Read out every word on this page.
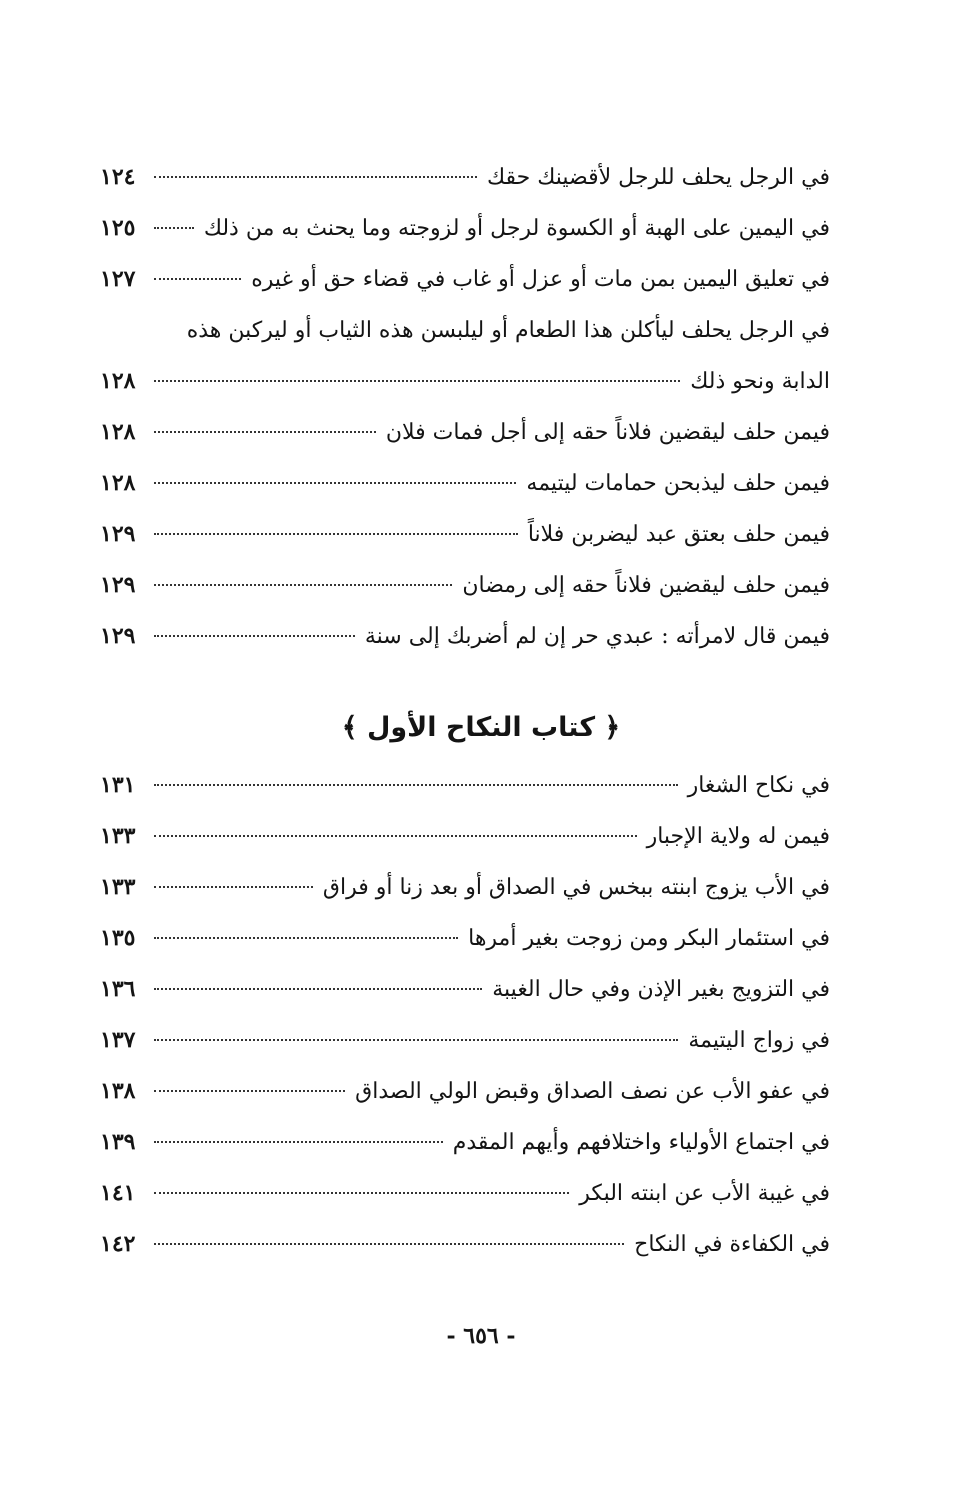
في الرجل يحلف للرجل لأقضينك حقك
١٢٤
في اليمين على الهبة أو الكسوة لرجل أو لزوجته وما يحنث به من ذلك
١٢٥
في تعليق اليمين بمن مات أو عزل أو غاب في قضاء حق أو غيره
١٢٧
في الرجل يحلف ليأكلن هذا الطعام أو ليلبسن هذه الثياب أو ليركبن هذه
الدابة ونحو ذلك
١٢٨
فيمن حلف ليقضين فلاناً حقه إلى أجل فمات فلان
١٢٨
فيمن حلف ليذبحن حمامات ليتيمه
١٢٨
فيمن حلف بعتق عبد ليضربن فلاناً
١٢٩
فيمن حلف ليقضين فلاناً حقه إلى رمضان
١٢٩
فيمن قال لامرأته : عبدي حر إن لم أضربك إلى سنة
١٢٩
﴿ كتاب النكاح الأول ﴾
في نكاح الشغار
١٣١
فيمن له ولاية الإجبار
١٣٣
في الأب يزوج ابنته ببخس في الصداق أو بعد زنا أو فراق
١٣٣
في استئمار البكر ومن زوجت بغير أمرها
١٣٥
في التزويج بغير الإذن وفي حال الغيبة
١٣٦
في زواج اليتيمة
١٣٧
في عفو الأب عن نصف الصداق وقبض الولي الصداق
١٣٨
في اجتماع الأولياء واختلافهم وأيهم المقدم
١٣٩
في غيبة الأب عن ابنته البكر
١٤١
في الكفاءة في النكاح
١٤٢
- ٦٥٦ -
